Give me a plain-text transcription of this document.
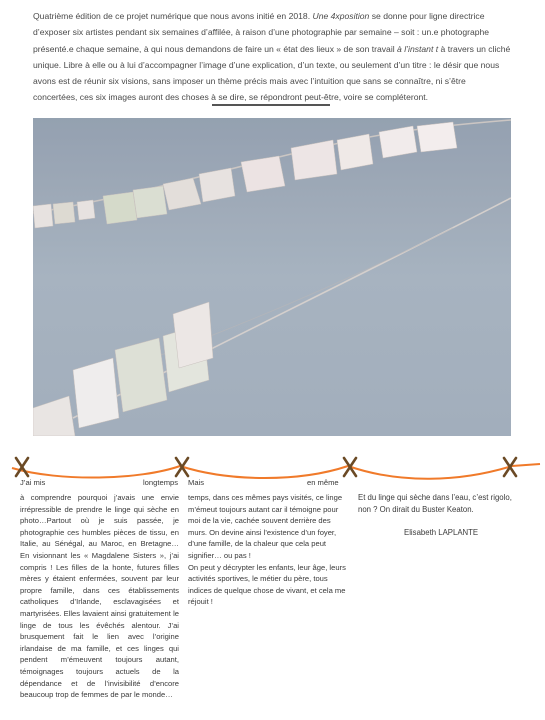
Quatrième édition de ce projet numérique que nous avons initié en 2018. Une 4xposition se donne pour ligne directrice d’exposer six artistes pendant six semaines d’affilée, à raison d’une photographie par semaine – soit : un.e photographe présenté.e chaque semaine, à qui nous demandons de faire un « état des lieux » de son travail à l’instant t à travers un cliché unique. Libre à elle ou à lui d’accompagner l’image d’une explication, d’un texte, ou seulement d’un titre : le désir que nous avons est de réunir six visions, sans imposer un thème précis mais avec l’intuition que sans se connaître, ni s’être concertées, ces six images auront des choses à se dire, se répondront peut-être, voire se compléteront.
J’ai mis	longtemps Mais	en même
à comprendre pourquoi j’avais une envie irrépressible de prendre le linge qui sèche en photo…Partout où je suis passée, je photographie ces humbles pièces de tissu, en Italie, au Sénégal, au Maroc, en Bretagne… En visionnant les « Magdalene Sisters », j’ai compris ! Les filles de la honte, futures filles mères y étaient enfermées, souvent par leur propre famille, dans ces établissements catholiques d’Irlande, esclavagisées et martyrisées. Elles lavaient ainsi gratuitement le linge de tous les évêchés alentour. J’ai brusquement fait le lien avec l’origine irlandaise de ma famille, et ces linges qui pendent m’émeuvent toujours autant, témoignages toujours actuels de la dépendance et de l’invisibilité d’encore beaucoup trop de femmes de par le monde…
temps, dans ces mêmes pays visités, ce linge m’émeut toujours autant car il témoigne pour moi de la vie, cachée souvent derrière des murs. On devine ainsi l’existence d’un foyer, d’une famille, de la chaleur que cela peut signifier… ou pas !
On peut y décrypter les enfants, leur âge, leurs activités sportives, le métier du père, tous indices de quelque chose de vivant, et cela me réjouit !
Et du linge qui sèche dans l’eau, c’est rigolo, non ? On dirait du Buster Keaton.
Elisabeth LAPLANTE
